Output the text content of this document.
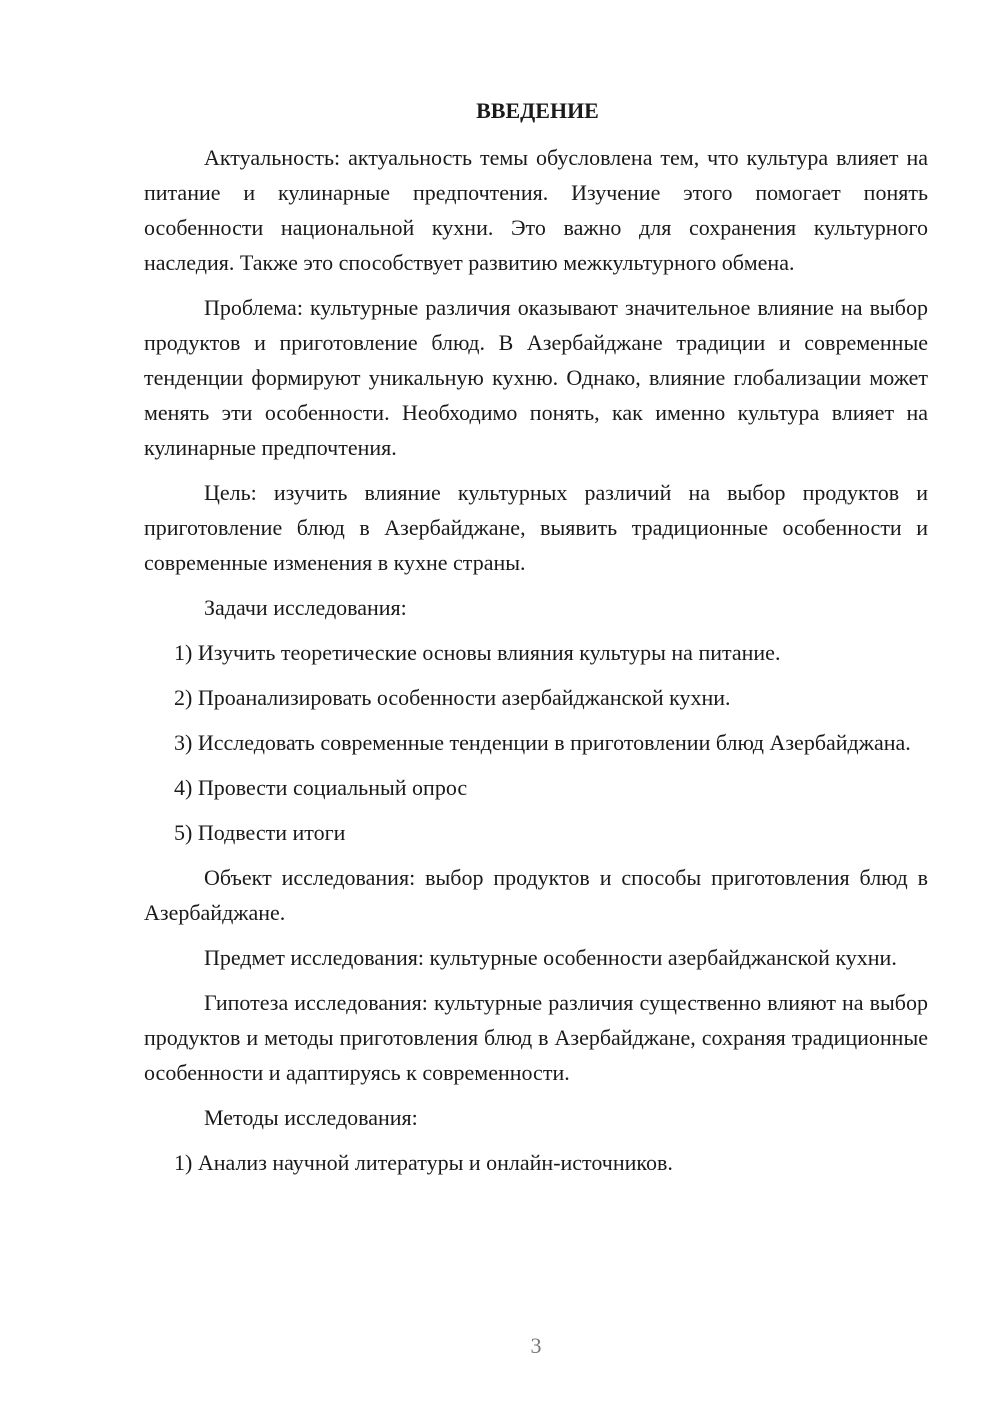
ВВЕДЕНИЕ

Актуальность: актуальность темы обусловлена тем, что культура влияет на питание и кулинарные предпочтения. Изучение этого помогает понять особенности национальной кухни. Это важно для сохранения культурного наследия. Также это способствует развитию межкультурного обмена.

Проблема: культурные различия оказывают значительное влияние на выбор продуктов и приготовление блюд. В Азербайджане традиции и современные тенденции формируют уникальную кухню. Однако, влияние глобализации может менять эти особенности. Необходимо понять, как именно культура влияет на кулинарные предпочтения.

Цель: изучить влияние культурных различий на выбор продуктов и приготовление блюд в Азербайджане, выявить традиционные особенности и современные изменения в кухне страны.

Задачи исследования:

1) Изучить теоретические основы влияния культуры на питание.

2) Проанализировать особенности азербайджанской кухни.

3) Исследовать современные тенденции в приготовлении блюд Азербайджана.

4) Провести социальный опрос

5) Подвести итоги

Объект исследования: выбор продуктов и способы приготовления блюд в Азербайджане.

Предмет исследования: культурные особенности азербайджанской кухни.

Гипотеза исследования: культурные различия существенно влияют на выбор продуктов и методы приготовления блюд в Азербайджане, сохраняя традиционные особенности и адаптируясь к современности.

Методы исследования:

1) Анализ научной литературы и онлайн-источников.

3
